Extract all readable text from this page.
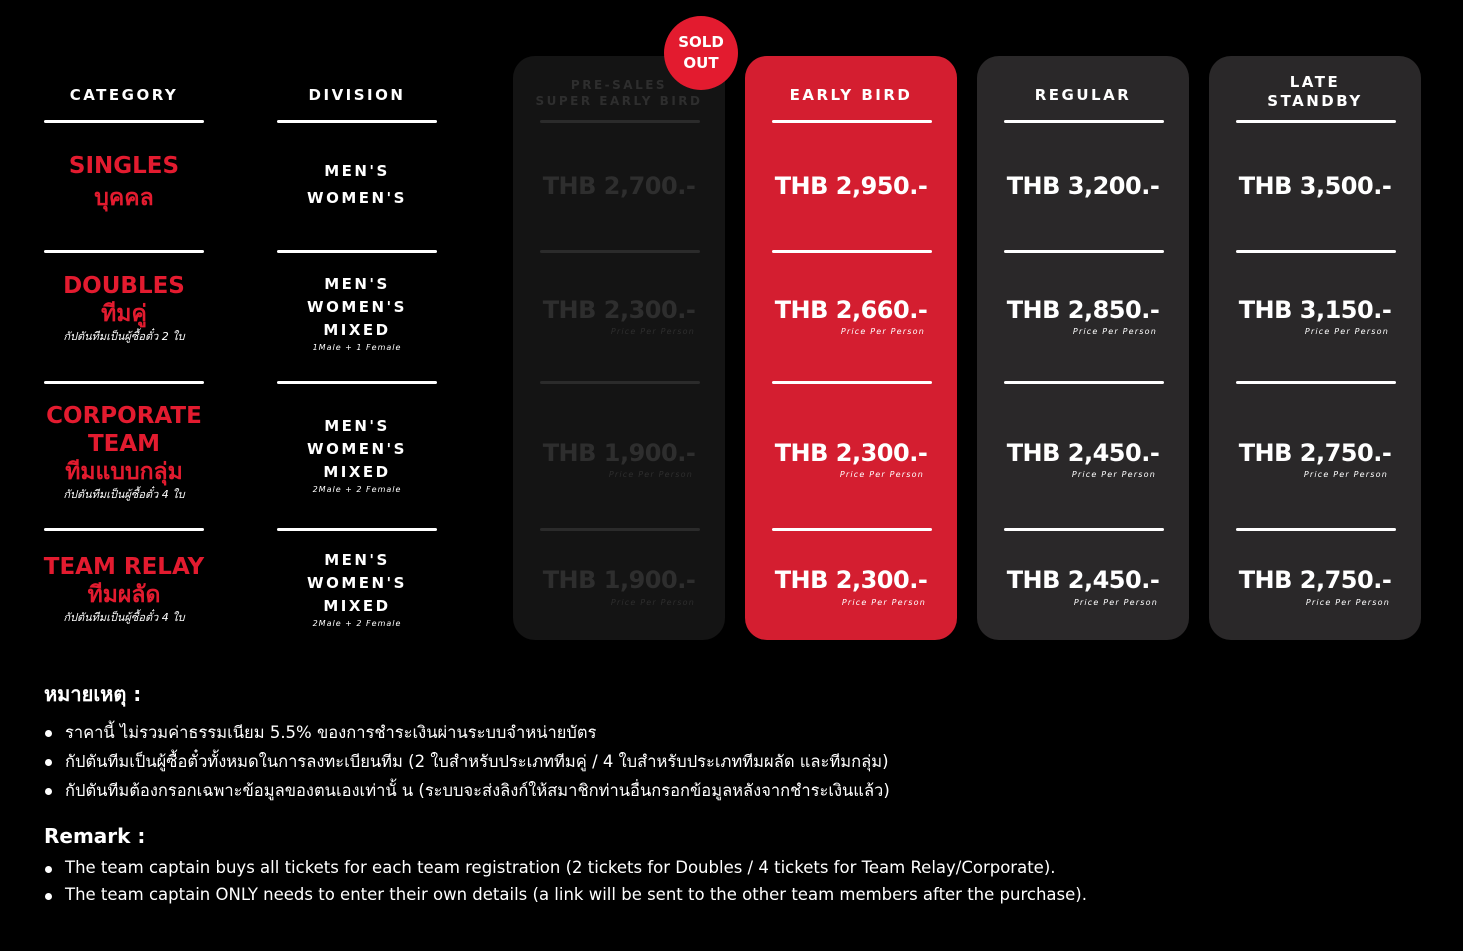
CATEGORY	DIVISION
SINGLES
บุคคล
DOUBLES
ทีมคู่
กัปตันทีมเป็นผู้ซื้อตั๋ว 2 ใบ
CORPORATE
TEAM
ทีมแบบกลุ่ม
กัปตันทีมเป็นผู้ซื้อตั๋ว 4 ใบ
TEAM RELAY
ทีมผลัด
กัปตันทีมเป็นผู้ซื้อตั๋ว 4 ใบ
MEN'S
WOMEN'S
MEN'S
WOMEN'S
MIXED
1Male + 1 Female
MEN'S
WOMEN'S
MIXED
2Male + 2 Female
MEN'S
WOMEN'S
MIXED
2Male + 2 Female
SOLD
OUT
PRE-SALES
SUPER EARLY BIRD
THB 2,700.-
THB 2,300.-
Price Per Person
THB 1,900.-
Price Per Person
THB 1,900.-
Price Per Person
EARLY BIRD
THB 2,950.-
THB 2,660.-
Price Per Person
THB 2,300.-
Price Per Person
THB 2,300.-
Price Per Person
REGULAR
THB 3,200.-
THB 2,850.-
Price Per Person
THB 2,450.-
Price Per Person
THB 2,450.-
Price Per Person
LATE
STANDBY
THB 3,500.-
THB 3,150.-
Price Per Person
THB 2,750.-
Price Per Person
THB 2,750.-
Price Per Person
หมายเหตุ :
ราคานี้ ไม่รวมค่าธรรมเนียม 5.5% ของการชำระเงินผ่านระบบจำหน่ายบัตร
กัปตันทีมเป็นผู้ซื้อตั๋วทั้งหมดในการลงทะเบียนทีม (2 ใบสำหรับประเภททีมคู่ / 4 ใบสำหรับประเภททีมผลัด และทีมกลุ่ม)
กัปตันทีมต้องกรอกเฉพาะข้อมูลของตนเองเท่านั้ น (ระบบจะส่งลิงก์ให้สมาชิกท่านอื่นกรอกข้อมูลหลังจากชำระเงินแล้ว)
Remark :
The team captain buys all tickets for each team registration (2 tickets for Doubles / 4 tickets for Team Relay/Corporate).
The team captain ONLY needs to enter their own details (a link will be sent to the other team members after the purchase).
